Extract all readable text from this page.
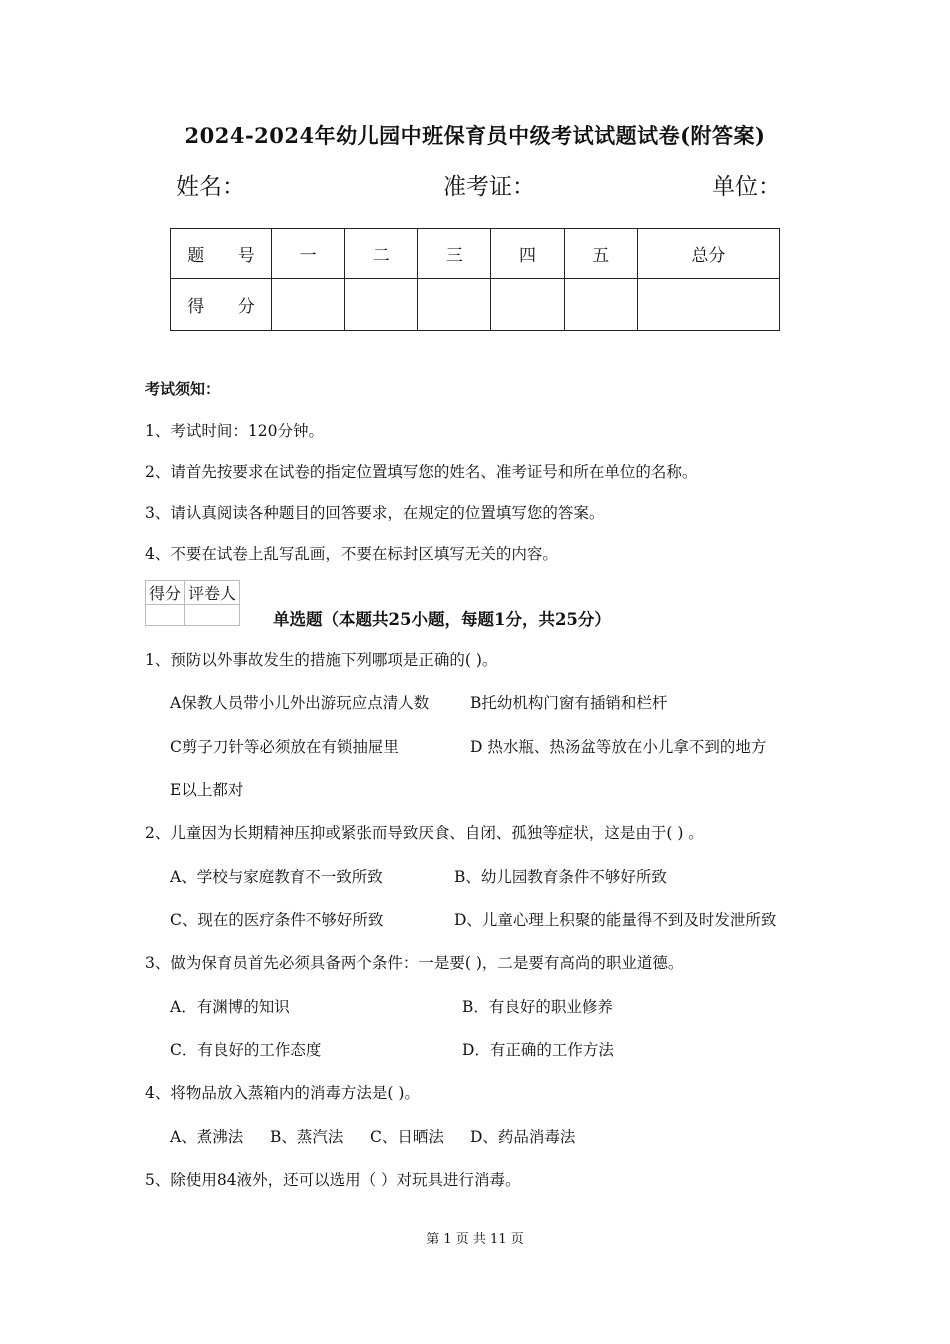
2024-2024年幼儿园中班保育员中级考试试题试卷(附答案)
姓名：	准考证：	单位：
题 号	一	二	三	四	五	总分
得 分						
考试须知：
1、考试时间：120分钟。
2、请首先按要求在试卷的指定位置填写您的姓名、准考证号和所在单位的名称。
3、请认真阅读各种题目的回答要求，在规定的位置填写您的答案。
4、不要在试卷上乱写乱画，不要在标封区填写无关的内容。
得分	评卷人

单选题（本题共25小题，每题1分，共25分）
1、预防以外事故发生的措施下列哪项是正确的( )。
A保教人员带小儿外出游玩应点清人数	B托幼机构门窗有插销和栏杆
C剪子刀针等必须放在有锁抽屉里	D 热水瓶、热汤盆等放在小儿拿不到的地方
E以上都对
2、儿童因为长期精神压抑或紧张而导致厌食、自闭、孤独等症状，这是由于( ) 。
A、学校与家庭教育不一致所致	B、幼儿园教育条件不够好所致
C、现在的医疗条件不够好所致	D、儿童心理上积聚的能量得不到及时发泄所致
3、做为保育员首先必须具备两个条件：一是要( )，二是要有高尚的职业道德。
A．有渊博的知识	B．有良好的职业修养
C．有良好的工作态度	D．有正确的工作方法
4、将物品放入蒸箱内的消毒方法是( )。
A、煮沸法 B、蒸汽法 C、日晒法 D、药品消毒法
5、除使用84液外，还可以选用（ ）对玩具进行消毒。
第 1 页 共 11 页
